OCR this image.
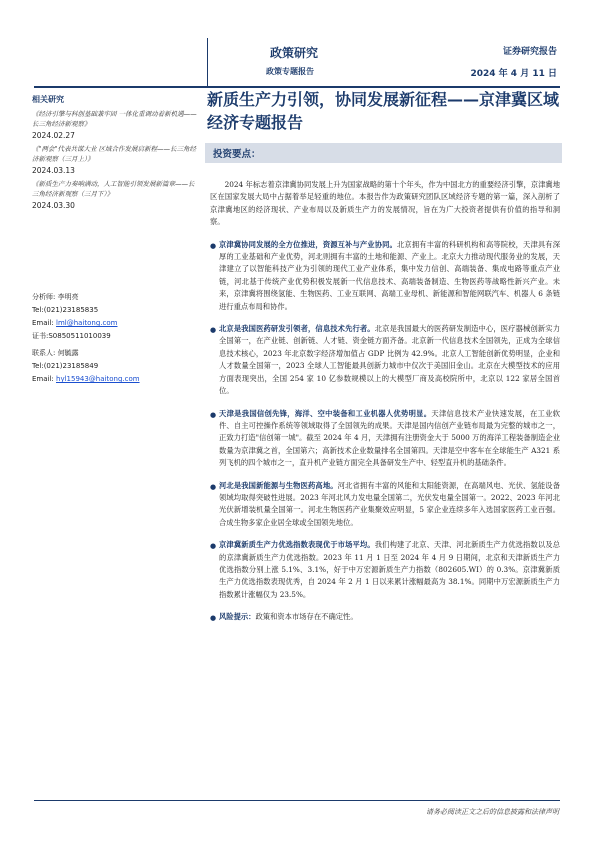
政策研究
政策专题报告
证券研究报告
2024 年 4 月 11 日
相关研究
《经济引擎与科创基础兼牢固 一体化重调动着新机遇——长三角经济新观察》
2024.02.27
《"两会"代表共谋大业 区域合作发展启新程——长三角经济新观察（三月上）》
2024.03.13
《新质生产力奏响满动，人工智能引领发展新篇章——长三角经济新观察（三月下）》
2024.03.30
分析师: 李明亮
Tel:(021)23185835
Email: lml@haitong.com
证书:S0850511010039
联系人: 何毓露
Tel:(021)23185849
Email: hyl15943@haitong.com
新质生产力引领，协同发展新征程——京津冀区域经济专题报告
投资要点：

2024 年标志着京津冀协同发展上升为国家战略的第十个年头，作为中国北方的重要经济引擎，京津冀地区在国家发展大局中占据着举足轻重的地位。本报告作为政策研究团队区域经济专题的第一篇，深入剖析了京津冀地区的经济现状、产业布局以及新质生产力的发展情况，旨在为广大投资者提供有价值的指导和洞察。

● 京津冀协同发展的全方位推进，资源互补与产业协同。北京拥有丰富的科研机构和高等院校，天津具有深厚的工业基础和产业优势，河北则拥有丰富的土地和能源、产业上。北京大力推动现代服务业的发展，天津建立了以智能科技产业为引领的现代工业产业体系，集中发力信创、高端装备、集成电路等重点产业链，河北基于传统产业优势积极发展新一代信息技术、高端装备制造、生物医药等战略性新兴产业。未来，京津冀将围绕氢能、生物医药、工业互联网、高端工业母机、新能源和智能网联汽车、机器人 6 条链进行重点布局和协作。
● 北京是我国医药研发引领者，信息技术先行者。北京是我国最大的医药研发制造中心，医疗器械创新实力全国第一，在产业链、创新链、人才链、资金链方面齐备。北京新一代信息技术全国领先，正成为全球信息技术核心，2023 年北京数字经济增加值占 GDP 比例为 42.9%。北京人工智能创新优势明显，企业和人才数量全国第一，2023 全球人工智能最具创新力城市中仅次于美国旧金山。北京在大模型技术的应用方面表现突出，全国 254 家 10 亿参数规模以上的大模型厂商及高校院所中，北京以 122 家居全国首位。
● 天津是我国信创先锋，海洋、空中装备和工业机器人优势明显。天津信息技术产业快速发展，在工业软件、自主可控操作系统等领域取得了全国领先的成果。天津是国内信创产业链布局最为完整的城市之一，正致力打造"信创第一城"。截至 2024 年 4 月，天津拥有注册资金大于 5000 万的海洋工程装备制造企业数量为京津冀之首，全国第六；高新技术企业数量排名全国第四。天津是空中客车在全球能生产 A321 系列飞机的四个城市之一，直升机产业链方面完全具备研发生产中、轻型直升机的基础条件。
● 河北是我国新能源与生物医药高地。河北省拥有丰富的风能和太阳能资源，在高端风电、光伏、氢能设备领域均取得突破性进展。2023 年河北风力发电量全国第二，光伏发电量全国第一。2022、2023 年河北光伏新增装机量全国第一。河北生物医药产业集聚效应明显，5 家企业连续多年入选国家医药工业百强。合成生物多家企业居全球或全国领先地位。
● 京津冀新质生产力优选指数表现优于市场平均。我们构建了北京、天津、河北新质生产力优选指数以及总的京津冀新质生产力优选指数。2023 年 11 月 1 日至 2024 年 4 月 9 日期间，北京和天津新质生产力优选指数分别上涨 5.1%、3.1%，好于中万宏源新质生产力指数（802605.WI）的 0.3%。京津冀新质生产力优选指数表现优秀，自 2024 年 2 月 1 日以来累计涨幅最高为 38.1%。同期中万宏源新质生产力指数累计涨幅仅为 23.5%。
● 风险提示：政策和资本市场存在不确定性。
请务必阅读正文之后的信息披露和法律声明
